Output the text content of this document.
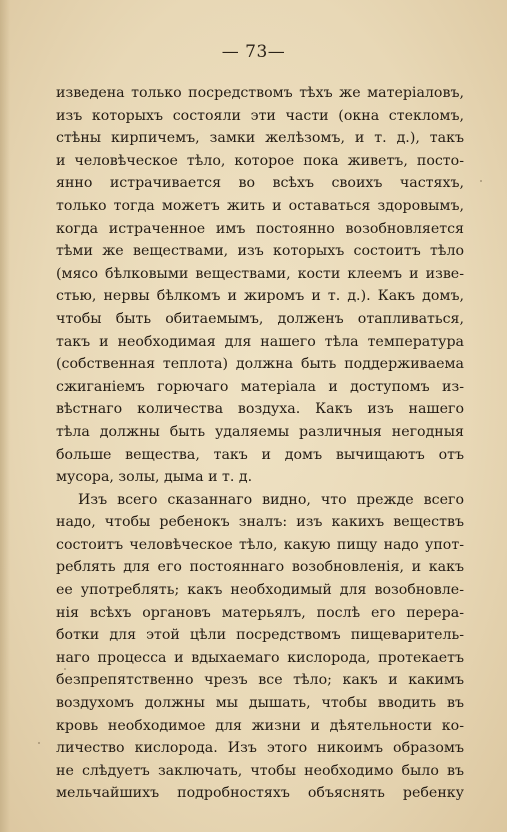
— 73—
изведена только посредствомъ тѣхъ же матеріаловъ,
изъ которыхъ состояли эти части (окна стекломъ,
стѣны кирпичемъ, замки желѣзомъ, и т. д.), такъ
и человѣческое тѣло, которое пока живетъ, посто-
янно истрачивается во всѣхъ своихъ частяхъ,
только тогда можетъ жить и оставаться здоровымъ,
когда истраченное имъ постоянно возобновляется
тѣми же веществами, изъ которыхъ состоитъ тѣло
(мясо бѣлковыми веществами, кости клеемъ и изве-
стью, нервы бѣлкомъ и жиромъ и т. д.). Какъ домъ,
чтобы быть обитаемымъ, долженъ отапливаться,
такъ и необходимая для нашего тѣла температура
(собственная теплота) должна быть поддерживаема
сжиганіемъ горючаго матеріала и доступомъ из-
вѣстнаго количества воздуха. Какъ изъ нашего
тѣла должны быть удаляемы различныя негодныя
больше вещества, такъ и домъ вычищаютъ отъ
мусора, золы, дыма и т. д.
Изъ всего сказаннаго видно, что прежде всего
надо, чтобы ребенокъ зналъ: изъ какихъ веществъ
состоитъ человѣческое тѣло, какую пищу надо упот-
реблять для его постояннаго возобновленія, и какъ
ее употреблять; какъ необходимый для возобновле-
нія всѣхъ органовъ матерьялъ, послѣ его перера-
ботки для этой цѣли посредствомъ пищеваритель-
наго процесса и вдыхаемаго кислорода, протекаетъ
безпрепятственно чрезъ все тѣло; какъ и какимъ
воздухомъ должны мы дышать, чтобы вводить въ
кровь необходимое для жизни и дѣятельности ко-
личество кислорода. Изъ этого никоимъ образомъ
не слѣдуетъ заключать, чтобы необходимо было въ
мельчайшихъ подробностяхъ объяснять ребенку
